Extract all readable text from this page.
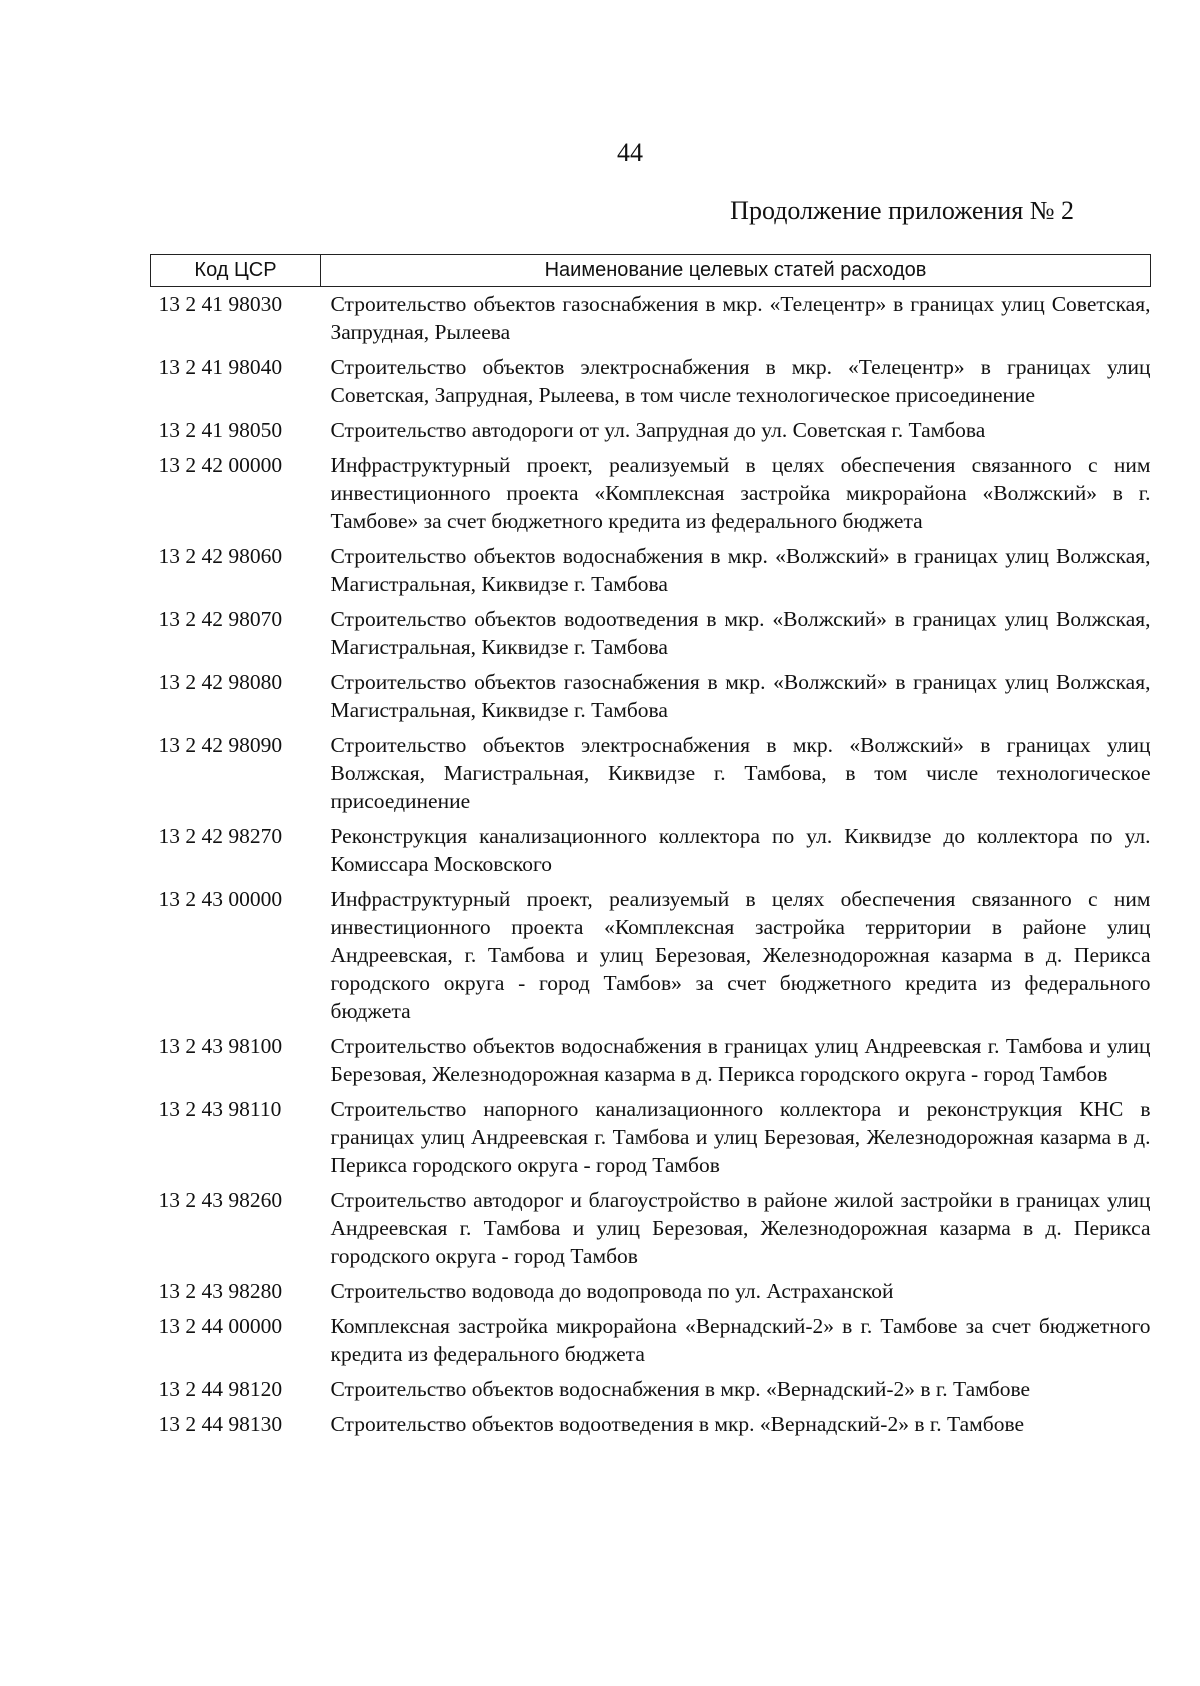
44
Продолжение приложения № 2
Код ЦСР	Наименование целевых статей расходов
13 2 41 98030	Строительство объектов газоснабжения в мкр. «Телецентр» в границах улиц Советская, Запрудная, Рылеева
13 2 41 98040	Строительство объектов электроснабжения в мкр. «Телецентр» в границах улиц Советская, Запрудная, Рылеева, в том числе технологическое присоединение
13 2 41 98050	Строительство автодороги от ул. Запрудная до ул. Советская г. Тамбова
13 2 42 00000	Инфраструктурный проект, реализуемый в целях обеспечения связанного с ним инвестиционного проекта «Комплексная застройка микрорайона «Волжский» в г. Тамбове» за счет бюджетного кредита из федерального бюджета
13 2 42 98060	Строительство объектов водоснабжения в мкр. «Волжский» в границах улиц Волжская, Магистральная, Киквидзе г. Тамбова
13 2 42 98070	Строительство объектов водоотведения в мкр. «Волжский» в границах улиц Волжская, Магистральная, Киквидзе г. Тамбова
13 2 42 98080	Строительство объектов газоснабжения в мкр. «Волжский» в границах улиц Волжская, Магистральная, Киквидзе г. Тамбова
13 2 42 98090	Строительство объектов электроснабжения в мкр. «Волжский» в границах улиц Волжская, Магистральная, Киквидзе г. Тамбова, в том числе технологическое присоединение
13 2 42 98270	Реконструкция канализационного коллектора по ул. Киквидзе до коллектора по ул. Комиссара Московского
13 2 43 00000	Инфраструктурный проект, реализуемый в целях обеспечения связанного с ним инвестиционного проекта «Комплексная застройка территории в районе улиц Андреевская, г. Тамбова и улиц Березовая, Железнодорожная казарма в д. Перикса городского округа - город Тамбов» за счет бюджетного кредита из федерального бюджета
13 2 43 98100	Строительство объектов водоснабжения в границах улиц Андреевская г. Тамбова и улиц Березовая, Железнодорожная казарма в д. Перикса городского округа - город Тамбов
13 2 43 98110	Строительство напорного канализационного коллектора и реконструкция КНС в границах улиц Андреевская г. Тамбова и улиц Березовая, Железнодорожная казарма в д. Перикса городского округа - город Тамбов
13 2 43 98260	Строительство автодорог и благоустройство в районе жилой застройки в границах улиц Андреевская г. Тамбова и улиц Березовая, Железнодорожная казарма в д. Перикса городского округа - город Тамбов
13 2 43 98280	Строительство водовода до водопровода по ул. Астраханской
13 2 44 00000	Комплексная застройка микрорайона «Вернадский-2» в г. Тамбове за счет бюджетного кредита из федерального бюджета
13 2 44 98120	Строительство объектов водоснабжения в мкр. «Вернадский-2» в г. Тамбове
13 2 44 98130	Строительство объектов водоотведения в мкр. «Вернадский-2» в г. Тамбове
